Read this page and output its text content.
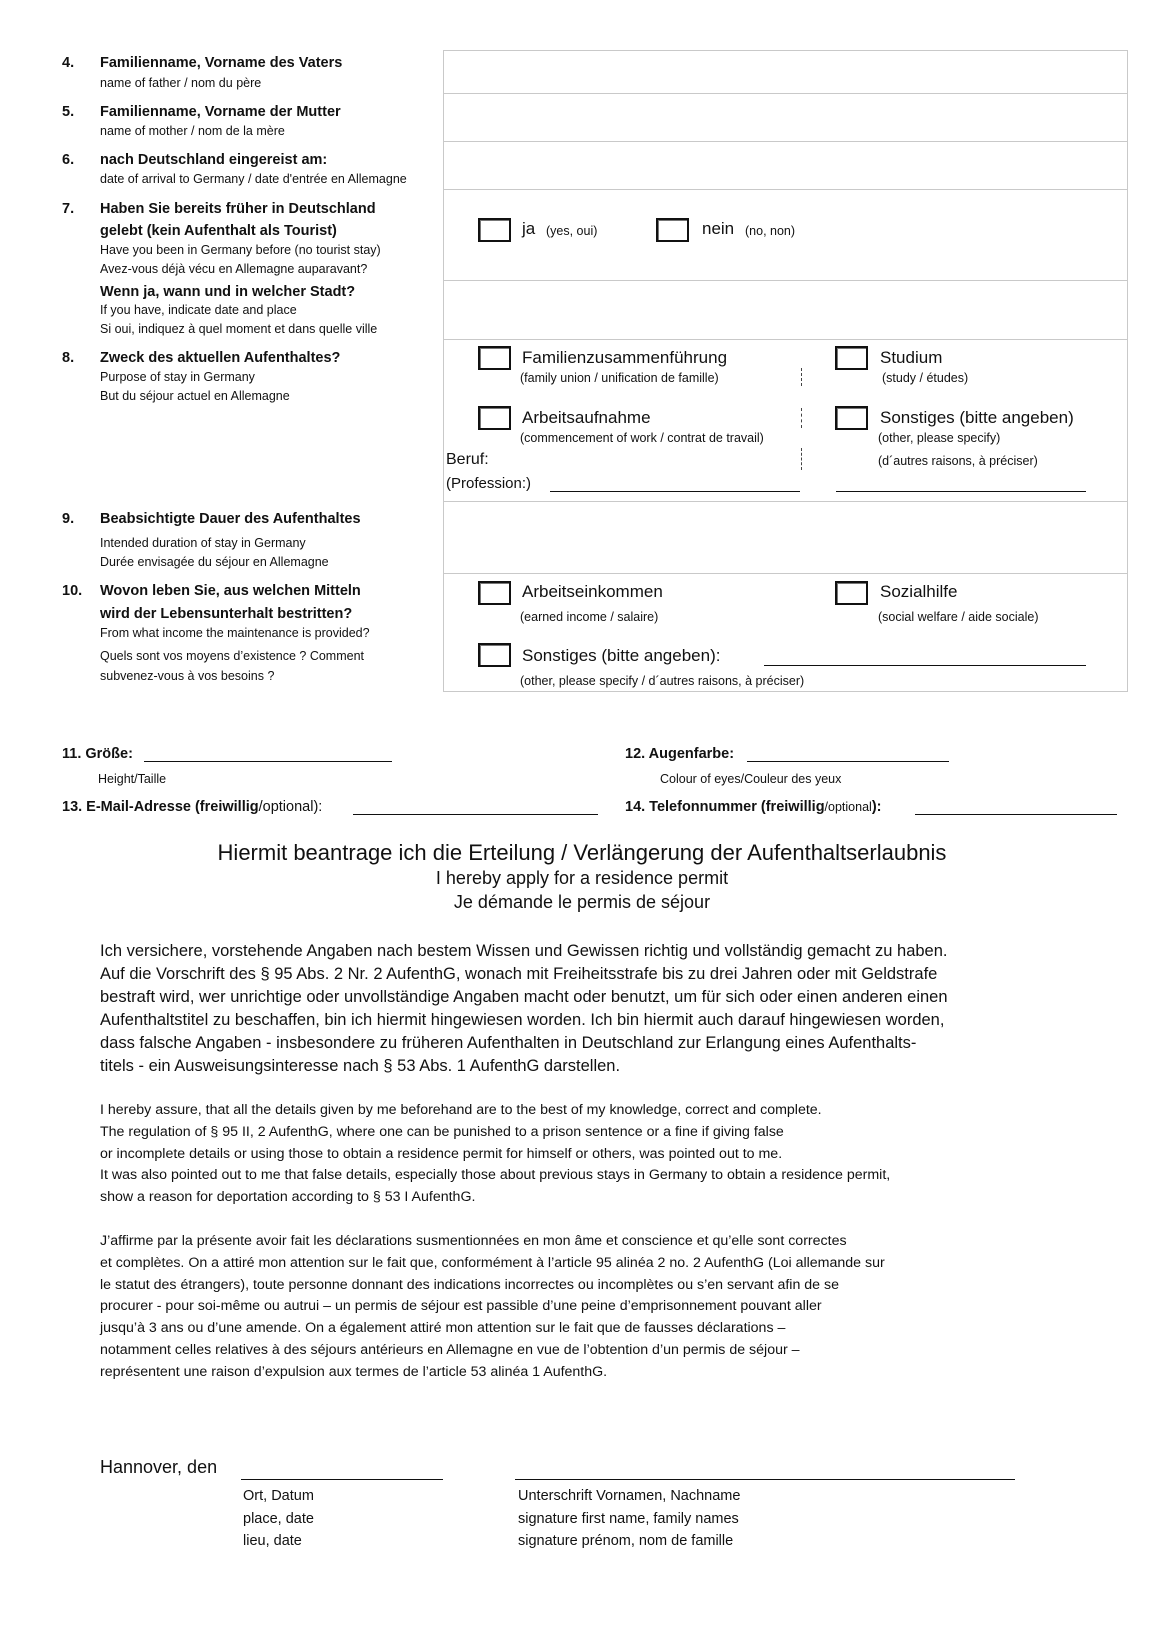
4. Familienname, Vorname des Vaters
name of father / nom du père
5. Familienname, Vorname der Mutter
name of mother / nom de la mère
6. nach Deutschland eingereist am:
date of arrival to Germany / date d'entrée en Allemagne
7. Haben Sie bereits früher in Deutschland
gelebt (kein Aufenthalt als Tourist)
Have you been in Germany before (no tourist stay)
Avez-vous déjà vécu en Allemagne auparavant?
Wenn ja, wann und in welcher Stadt?
If you have, indicate date and place
Si oui, indiquez à quel moment et dans quelle ville
8. Zweck des aktuellen Aufenthaltes?
Purpose of stay in Germany
But du séjour actuel en Allemagne
9. Beabsichtigte Dauer des Aufenthaltes
Intended duration of stay in Germany
Durée envisagée du séjour en Allemagne
10. Wovon leben Sie, aus welchen Mitteln
wird der Lebensunterhalt bestritten?
From what income the maintenance is provided?
Quels sont vos moyens d’existence ? Comment
subvenez-vous à vos besoins ?
ja (yes, oui)	nein (no, non)
Familienzusammenführung
(family union / unification de famille)
Studium
(study / études)
Arbeitsaufnahme
(commencement of work / contrat de travail)
Sonstiges (bitte angeben)
(other, please specify)
(d´autres raisons, à préciser)
Beruf:
(Profession:)
Arbeitseinkommen
(earned income / salaire)
Sozialhilfe
(social welfare / aide sociale)
Sonstiges (bitte angeben):
(other, please specify / d´autres raisons, à préciser)
11. Größe:
Height/Taille
12. Augenfarbe:
Colour of eyes/Couleur des yeux
13. E-Mail-Adresse (freiwillig/optional):	14. Telefonnummer (freiwillig/optional):
Hiermit beantrage ich die Erteilung / Verlängerung der Aufenthaltserlaubnis
I hereby apply for a residence permit
Je démande le permis de séjour
Ich versichere, vorstehende Angaben nach bestem Wissen und Gewissen richtig und vollständig gemacht zu haben.
Auf die Vorschrift des § 95 Abs. 2 Nr. 2 AufenthG, wonach mit Freiheitsstrafe bis zu drei Jahren oder mit Geldstrafe
bestraft wird, wer unrichtige oder unvollständige Angaben macht oder benutzt, um für sich oder einen anderen einen
Aufenthaltstitel zu beschaffen, bin ich hiermit hingewiesen worden. Ich bin hiermit auch darauf hingewiesen worden,
dass falsche Angaben - insbesondere zu früheren Aufenthalten in Deutschland zur Erlangung eines Aufenthalts-
titels - ein Ausweisungsinteresse nach § 53 Abs. 1 AufenthG darstellen.
I hereby assure, that all the details given by me beforehand are to the best of my knowledge, correct and complete.
The regulation of § 95 II, 2 AufenthG, where one can be punished to a prison sentence or a fine if giving false
or incomplete details or using those to obtain a residence permit for himself or others, was pointed out to me.
It was also pointed out to me that false details, especially those about previous stays in Germany to obtain a residence permit,
show a reason for deportation according to § 53 I AufenthG.
J’affirme par la présente avoir fait les déclarations susmentionnées en mon âme et conscience et qu’elle sont correctes
et complètes. On a attiré mon attention sur le fait que, conformément à l’article 95 alinéa 2 no. 2 AufenthG (Loi allemande sur
le statut des étrangers), toute personne donnant des indications incorrectes ou incomplètes ou s’en servant afin de se
procurer - pour soi-même ou autrui – un permis de séjour est passible d’une peine d’emprisonnement pouvant aller
jusqu’à 3 ans ou d’une amende. On a également attiré mon attention sur le fait que de fausses déclarations –
notamment celles relatives à des séjours antérieurs en Allemagne en vue de l’obtention d’un permis de séjour –
représentent une raison d’expulsion aux termes de l’article 53 alinéa 1 AufenthG.
Hannover, den
Ort, Datum
place, date
lieu, date
Unterschrift Vornamen, Nachname
signature first name, family names
signature prénom, nom de famille
